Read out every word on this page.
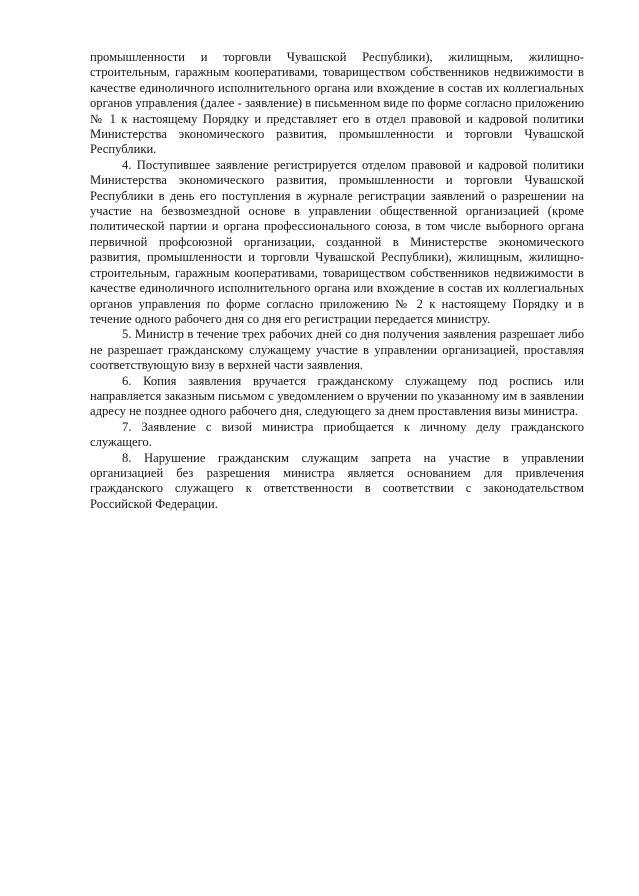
промышленности и торговли Чувашской Республики), жилищным, жилищно-строительным, гаражным кооперативами, товариществом собственников недвижимости в качестве единоличного исполнительного органа или вхождение в состав их коллегиальных органов управления (далее - заявление) в письменном виде по форме согласно приложению № 1 к настоящему Порядку и представляет его в отдел правовой и кадровой политики Министерства экономического развития, промышленности и торговли Чувашской Республики.

4. Поступившее заявление регистрируется отделом правовой и кадровой политики Министерства экономического развития, промышленности и торговли Чувашской Республики в день его поступления в журнале регистрации заявлений о разрешении на участие на безвозмездной основе в управлении общественной организацией (кроме политической партии и органа профессионального союза, в том числе выборного органа первичной профсоюзной организации, созданной в Министерстве экономического развития, промышленности и торговли Чувашской Республики), жилищным, жилищно-строительным, гаражным кооперативами, товариществом собственников недвижимости в качестве единоличного исполнительного органа или вхождение в состав их коллегиальных органов управления по форме согласно приложению № 2 к настоящему Порядку и в течение одного рабочего дня со дня его регистрации передается министру.

5. Министр в течение трех рабочих дней со дня получения заявления разрешает либо не разрешает гражданскому служащему участие в управлении организацией, проставляя соответствующую визу в верхней части заявления.

6. Копия заявления вручается гражданскому служащему под роспись или направляется заказным письмом с уведомлением о вручении по указанному им в заявлении адресу не позднее одного рабочего дня, следующего за днем проставления визы министра.

7. Заявление с визой министра приобщается к личному делу гражданского служащего.

8. Нарушение гражданским служащим запрета на участие в управлении организацией без разрешения министра является основанием для привлечения гражданского служащего к ответственности в соответствии с законодательством Российской Федерации.
